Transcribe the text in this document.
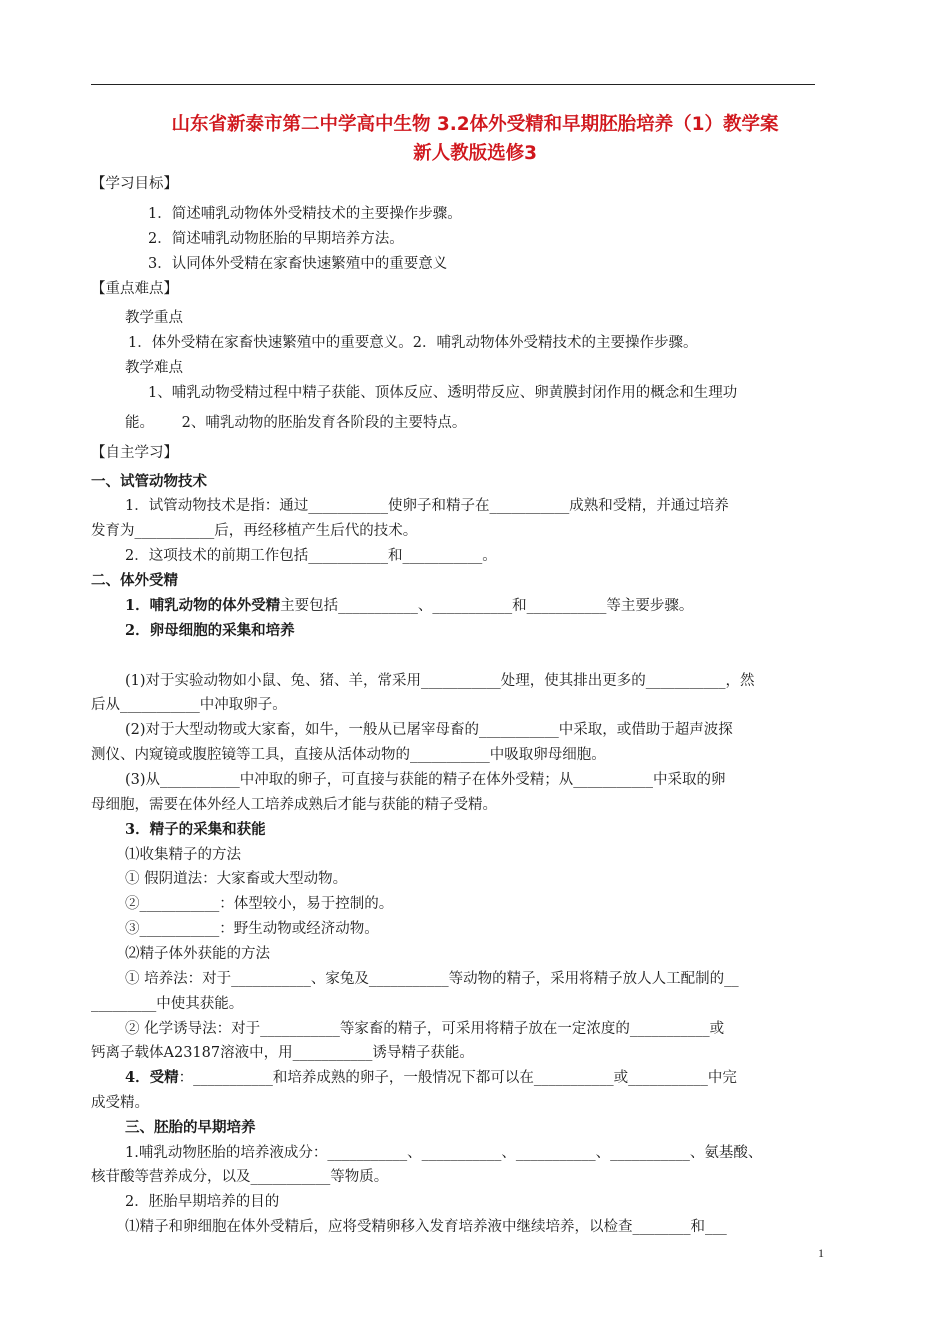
山东省新泰市第二中学高中生物 3.2体外受精和早期胚胎培养（1）教学案
新人教版选修3
【学习目标】
1．简述哺乳动物体外受精技术的主要操作步骤。
2．简述哺乳动物胚胎的早期培养方法。
3．认同体外受精在家畜快速繁殖中的重要意义
【重点难点】
教学重点
1．体外受精在家畜快速繁殖中的重要意义。2．哺乳动物体外受精技术的主要操作步骤。
教学难点
1、哺乳动物受精过程中精子获能、顶体反应、透明带反应、卵黄膜封闭作用的概念和生理功
能。      2、哺乳动物的胚胎发育各阶段的主要特点。
【自主学习】
一、试管动物技术
1．试管动物技术是指：通过___________使卵子和精子在___________成熟和受精，并通过培养
发育为___________后，再经移植产生后代的技术。
2．这项技术的前期工作包括___________和___________。
二、体外受精
1．哺乳动物的体外受精主要包括___________、___________和___________等主要步骤。
2．卵母细胞的采集和培养
(1)对于实验动物如小鼠、兔、猪、羊，常采用___________处理，使其排出更多的___________，然
后从___________中冲取卵子。
(2)对于大型动物或大家畜，如牛，一般从已屠宰母畜的___________中采取，或借助于超声波探
测仪、内窥镜或腹腔镜等工具，直接从活体动物的___________中吸取卵母细胞。
(3)从___________中冲取的卵子，可直接与获能的精子在体外受精；从___________中采取的卵
母细胞，需要在体外经人工培养成熟后才能与获能的精子受精。
3．精子的采集和获能
⑴收集精子的方法
① 假阴道法：大家畜或大型动物。
②___________：体型较小，易于控制的。
③___________：野生动物或经济动物。
⑵精子体外获能的方法
① 培养法：对于___________、家兔及___________等动物的精子，采用将精子放人人工配制的__
_________中使其获能。
② 化学诱导法：对于___________等家畜的精子，可采用将精子放在一定浓度的___________或
钙离子载体A23187溶液中，用___________诱导精子获能。
4．受精：___________和培养成熟的卵子，一般情况下都可以在___________或___________中完
成受精。
三、胚胎的早期培养
1.哺乳动物胚胎的培养液成分：___________、___________、___________、___________、氨基酸、
核苷酸等营养成分，以及___________等物质。
2．胚胎早期培养的目的
⑴精子和卵细胞在体外受精后，应将受精卵移入发育培养液中继续培养，以检查________和___
1
